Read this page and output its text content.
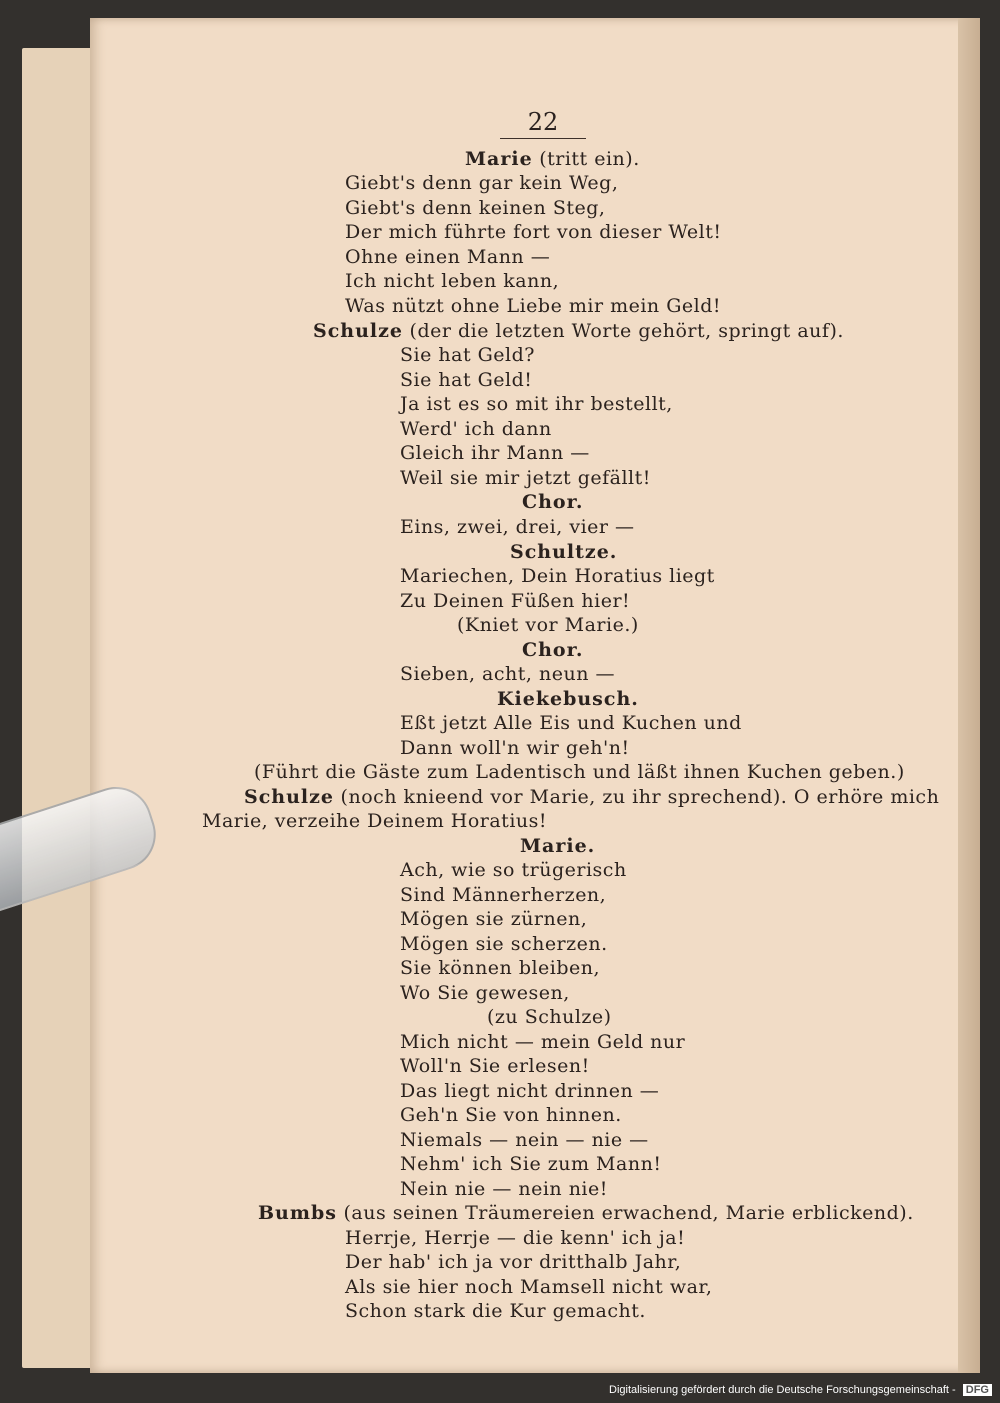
22
Marie (tritt ein).
Giebt's denn gar kein Weg,
Giebt's denn keinen Steg,
Der mich führte fort von dieser Welt!
Ohne einen Mann —
Ich nicht leben kann,
Was nützt ohne Liebe mir mein Geld!
Schulze (der die letzten Worte gehört, springt auf).
Sie hat Geld?
Sie hat Geld!
Ja ist es so mit ihr bestellt,
Werd' ich dann
Gleich ihr Mann —
Weil sie mir jetzt gefällt!
Chor.
Eins, zwei, drei, vier —
Schultze.
Mariechen, Dein Horatius liegt
Zu Deinen Füßen hier!
(Kniet vor Marie.)
Chor.
Sieben, acht, neun —
Kiekebusch.
Eßt jetzt Alle Eis und Kuchen und
Dann woll'n wir geh'n!
(Führt die Gäste zum Ladentisch und läßt ihnen Kuchen geben.)
Schulze (noch knieend vor Marie, zu ihr sprechend). O erhöre mich
Marie, verzeihe Deinem Horatius!
Marie.
Ach, wie so trügerisch
Sind Männerherzen,
Mögen sie zürnen,
Mögen sie scherzen.
Sie können bleiben,
Wo Sie gewesen,
(zu Schulze)
Mich nicht — mein Geld nur
Woll'n Sie erlesen!
Das liegt nicht drinnen —
Geh'n Sie von hinnen.
Niemals — nein — nie —
Nehm' ich Sie zum Mann!
Nein nie — nein nie!
Bumbs (aus seinen Träumereien erwachend, Marie erblickend).
Herrje, Herrje — die kenn' ich ja!
Der hab' ich ja vor dritthalb Jahr,
Als sie hier noch Mamsell nicht war,
Schon stark die Kur gemacht.
Digitalisierung gefördert durch die Deutsche Forschungsgemeinschaft - DFG
